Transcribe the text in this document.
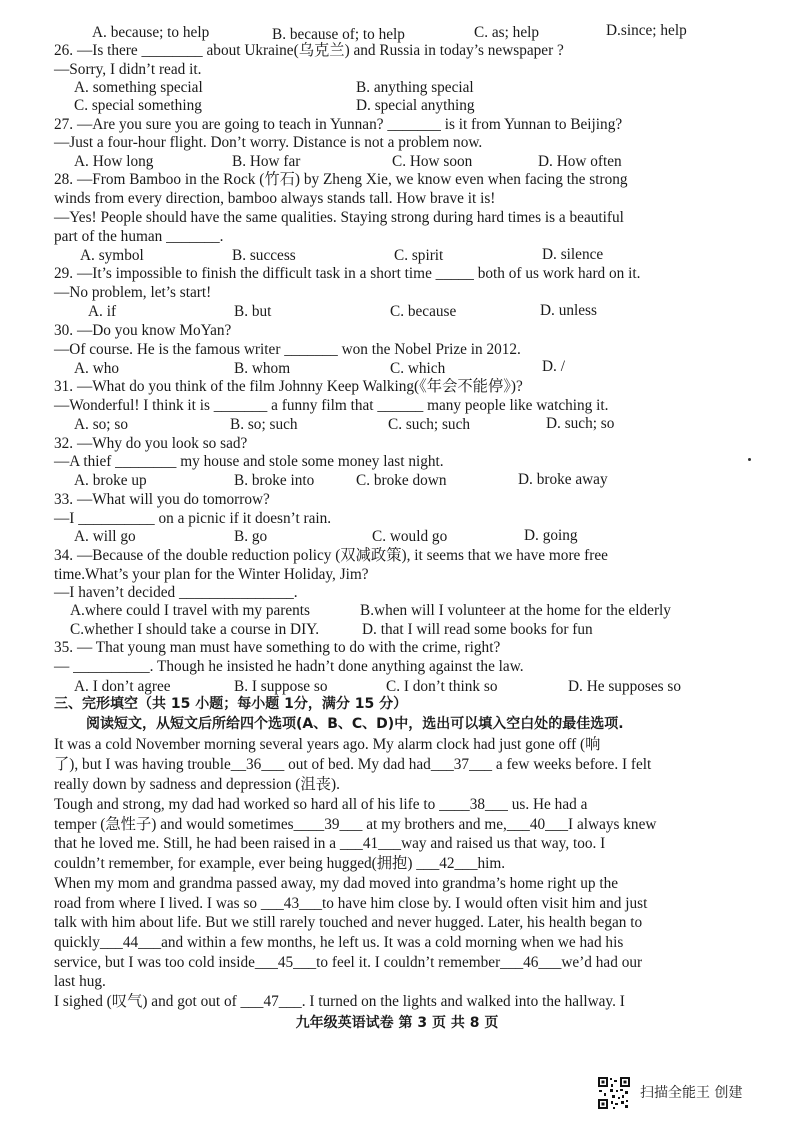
A. because; to help	B. because of; to help	C. as; help	D.since; help
26. —Is there ________ about Ukraine(乌克兰) and Russia in today’s newspaper ?
—Sorry, I didn’t read it.
A. something special	B. anything special
C. special something	D. special anything
27. —Are you sure you are going to teach in Yunnan? _______ is it from Yunnan to Beijing?
—Just a four-hour flight. Don’t worry. Distance is not a problem now.
A. How long	B. How far	C. How soon	D. How often
28. —From Bamboo in the Rock (竹石) by Zheng Xie, we know even when facing the strong
winds from every direction, bamboo always stands tall. How brave it is!
—Yes! People should have the same qualities. Staying strong during hard times is a beautiful
part of the human _______.
A. symbol	B. success	C. spirit	D. silence
29. —It’s impossible to finish the difficult task in a short time _____ both of us work hard on it.
—No problem, let’s start!
A. if	B. but	C. because	D. unless
30. —Do you know MoYan?
—Of course. He is the famous writer _______ won the Nobel Prize in 2012.
A. who	B. whom	C. which	D. /
31. —What do you think of the film Johnny Keep Walking(《年会不能停》)?
—Wonderful! I think it is _______ a funny film that ______ many people like watching it.
A. so; so	B. so; such	C. such; such	D. such; so
32. —Why do you look so sad?
—A thief ________ my house and stole some money last night.
A. broke up	B. broke into	C. broke down	D. broke away
33. —What will you do tomorrow?
—I __________ on a picnic if it doesn’t rain.
A. will go	B. go	C. would go	D. going
34. —Because of the double reduction policy (双减政策), it seems that we have more free
time.What’s your plan for the Winter Holiday, Jim?
—I haven’t decided _______________.
A.where could I travel with my parents	B.when will I volunteer at the home for the elderly
C.whether I should take a course in DIY.	D. that I will read some books for fun
35. — That young man must have something to do with the crime, right?
— __________. Though he insisted he hadn’t done anything against the law.
A. I don’t agree	B. I suppose so	C. I don’t think so	D. He supposes so
三、完形填空（共 15 小题；每小题 1分，满分 15 分）
阅读短文，从短文后所给四个选项(A、B、C、D)中，选出可以填入空白处的最佳选项.
It was a cold November morning several years ago. My alarm clock had just gone off (响
了), but I was having trouble__36___ out of bed. My dad had___37___ a few weeks before. I felt
really down by sadness and depression (沮丧).
Tough and strong, my dad had worked so hard all of his life to ____38___ us. He had a
temper (急性子) and would sometimes____39___ at my brothers and me,___40___I always knew
that he loved me. Still, he had been raised in a ___41___way and raised us that way, too. I
couldn’t remember, for example, ever being hugged(拥抱) ___42___him.
When my mom and grandma passed away, my dad moved into grandma’s home right up the
road from where I lived. I was so ___43___to have him close by. I would often visit him and just
talk with him about life. But we still rarely touched and never hugged. Later, his health began to
quickly___44___and within a few months, he left us. It was a cold morning when we had his
service, but I was too cold inside___45___to feel it. I couldn’t remember___46___we’d had our
last hug.
I sighed (叹气) and got out of ___47___. I turned on the lights and walked into the hallway. I
九年级英语试卷 第 3 页 共 8 页
扫描全能王 创建
